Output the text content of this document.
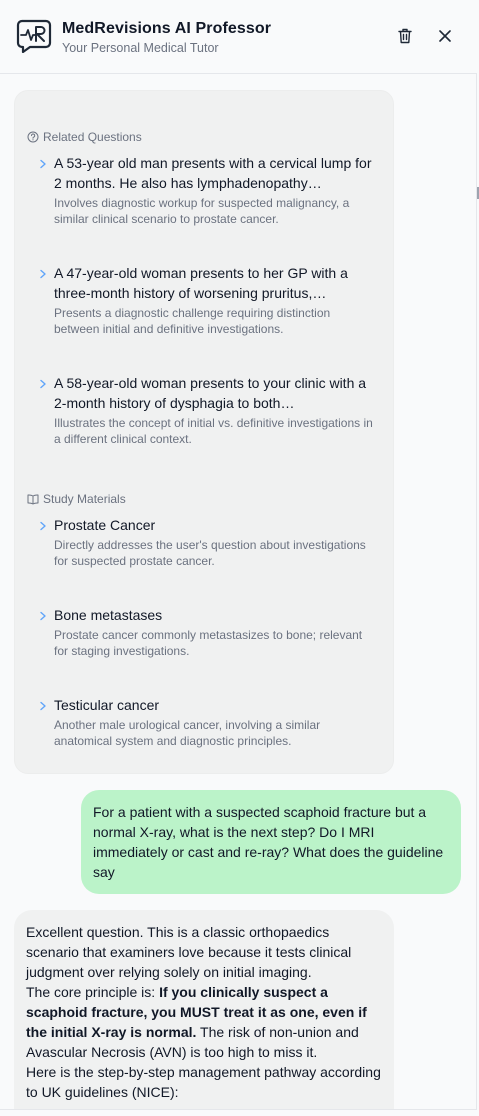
MedRevisions AI Professor
Your Personal Medical Tutor
Related Questions
A 53-year old man presents with a cervical lump for 2 months. He also has lymphadenopathy…
Involves diagnostic workup for suspected malignancy, a similar clinical scenario to prostate cancer.
A 47-year-old woman presents to her GP with a three-month history of worsening pruritus,…
Presents a diagnostic challenge requiring distinction between initial and definitive investigations.
A 58-year-old woman presents to your clinic with a 2-month history of dysphagia to both…
Illustrates the concept of initial vs. definitive investigations in a different clinical context.
Study Materials
Prostate Cancer
Directly addresses the user's question about investigations for suspected prostate cancer.
Bone metastases
Prostate cancer commonly metastasizes to bone; relevant for staging investigations.
Testicular cancer
Another male urological cancer, involving a similar anatomical system and diagnostic principles.
For a patient with a suspected scaphoid fracture but a normal X-ray, what is the next step? Do I MRI immediately or cast and re-ray? What does the guideline say
Excellent question. This is a classic orthopaedics scenario that examiners love because it tests clinical judgment over relying solely on initial imaging.
The core principle is: If you clinically suspect a scaphoid fracture, you MUST treat it as one, even if the initial X-ray is normal. The risk of non-union and Avascular Necrosis (AVN) is too high to miss it.
Here is the step-by-step management pathway according to UK guidelines (NICE):
